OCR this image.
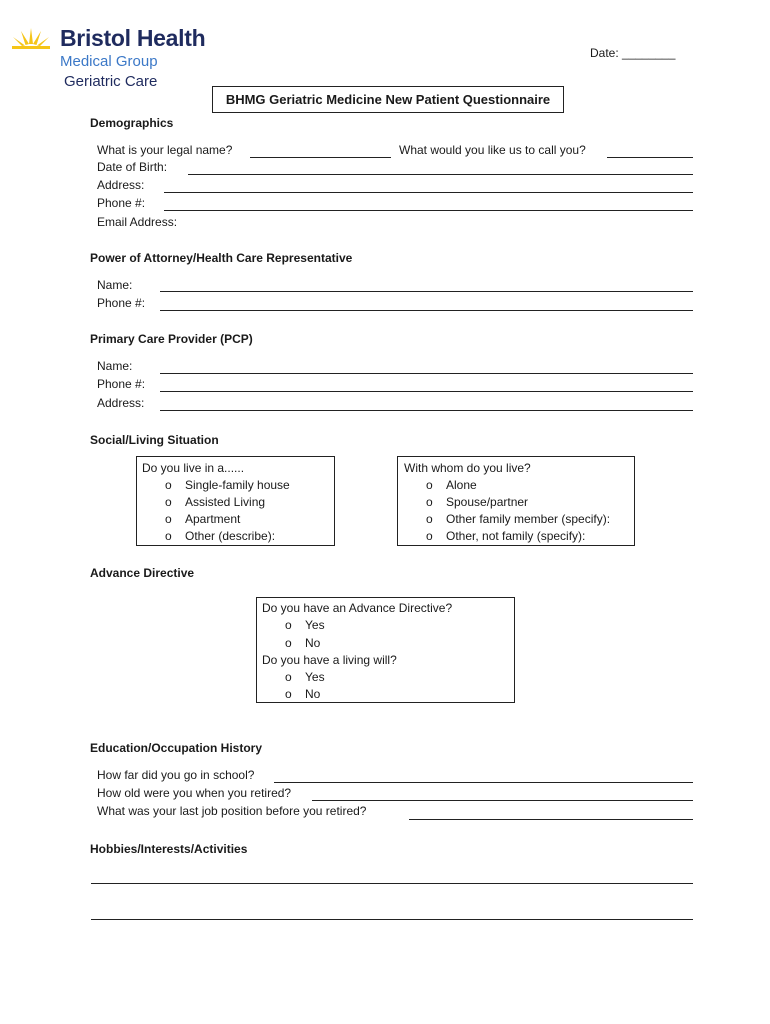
Bristol Health
Medical Group
Geriatric Care
Date: ________
BHMG Geriatric Medicine New Patient Questionnaire
Demographics
What is your legal name?	What would you like us to call you?
Date of Birth:
Address:
Phone #:
Email Address:
Power of Attorney/Health Care Representative
Name:
Phone #:
Primary Care Provider (PCP)
Name:
Phone #:
Address:
Social/Living Situation
Do you live in a......
o Single-family house
o Assisted Living
o Apartment
o Other (describe):
With whom do you live?
o Alone
o Spouse/partner
o Other family member (specify):
o Other, not family (specify):
Advance Directive
Do you have an Advance Directive?
o Yes
o No
Do you have a living will?
o Yes
o No
Education/Occupation History
How far did you go in school?
How old were you when you retired?
What was your last job position before you retired?
Hobbies/Interests/Activities
